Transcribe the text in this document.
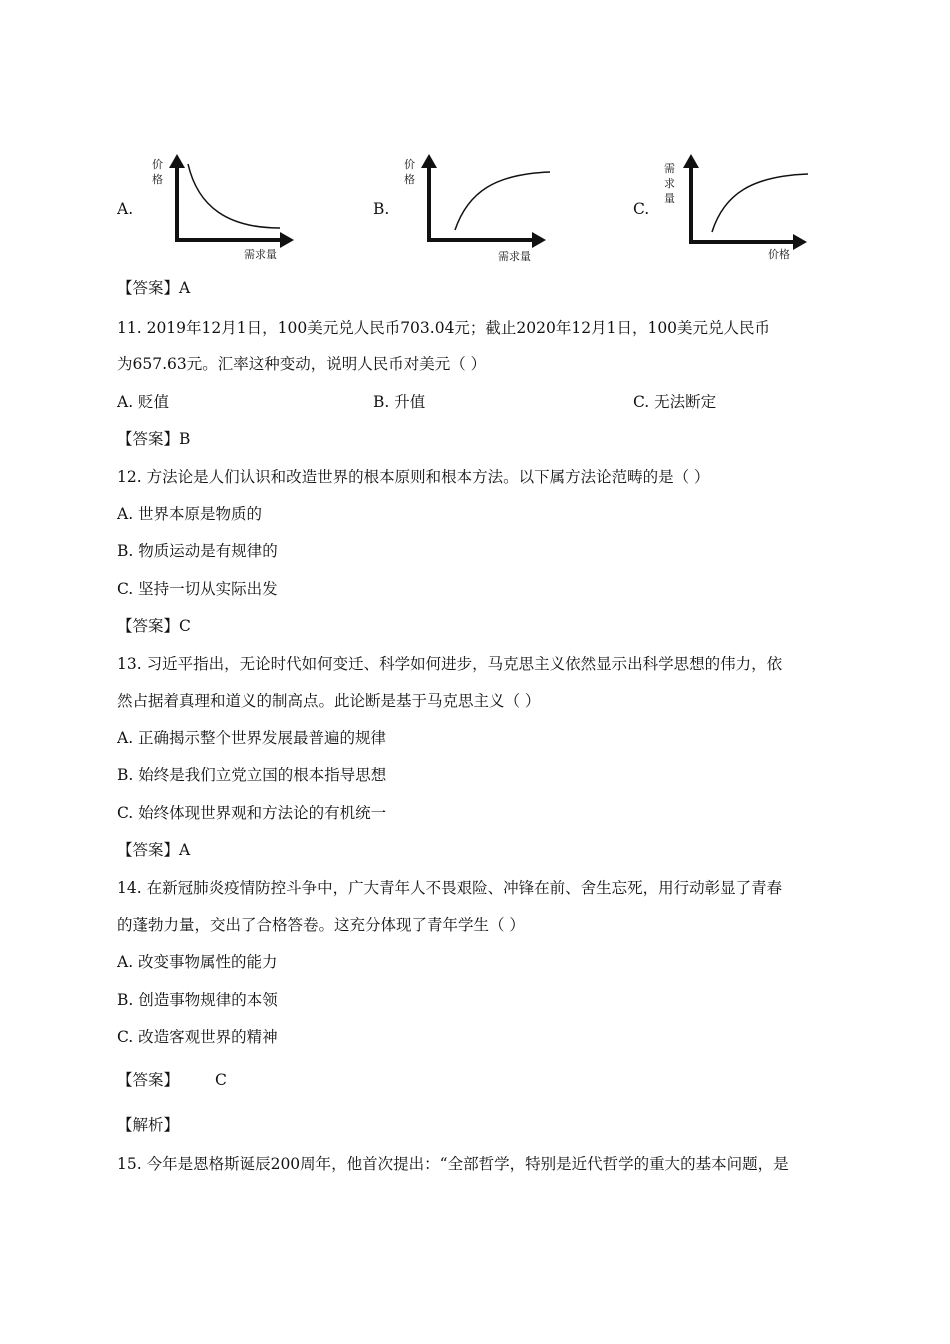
A.
价
格
需求量
B.
价
格
需求量
C.
需
求
量
价格
【答案】A
11. 2019年12月1日，100美元兑人民币703.04元；截止2020年12月1日，100美元兑人民币
为657.63元。汇率这种变动，说明人民币对美元（ ）
A. 贬值	B. 升值	C. 无法断定
【答案】B
12. 方法论是人们认识和改造世界的根本原则和根本方法。以下属方法论范畴的是（ ）
A. 世界本原是物质的
B. 物质运动是有规律的
C. 坚持一切从实际出发
【答案】C
13. 习近平指出，无论时代如何变迁、科学如何进步，马克思主义依然显示出科学思想的伟力，依
然占据着真理和道义的制高点。此论断是基于马克思主义（ ）
A. 正确揭示整个世界发展最普遍的规律
B. 始终是我们立党立国的根本指导思想
C. 始终体现世界观和方法论的有机统一
【答案】A
14. 在新冠肺炎疫情防控斗争中，广大青年人不畏艰险、冲锋在前、舍生忘死，用行动彰显了青春
的蓬勃力量，交出了合格答卷。这充分体现了青年学生（ ）
A. 改变事物属性的能力
B. 创造事物规律的本领
C. 改造客观世界的精神
【答案】 C
【解析】
15. 今年是恩格斯诞辰200周年，他首次提出：“全部哲学，特别是近代哲学的重大的基本问题，是
